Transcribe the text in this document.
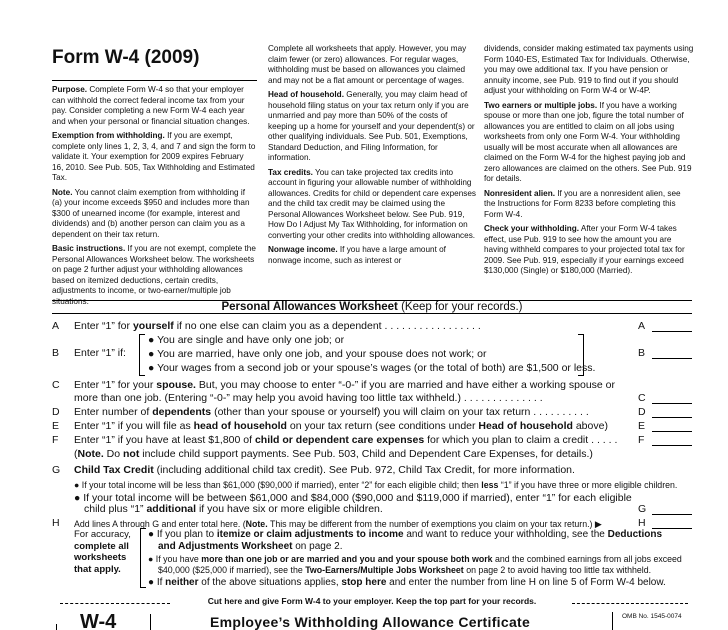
Form W-4 (2009)

Purpose. Complete Form W-4 so that your employer can withhold the correct federal income tax from your pay. Consider completing a new Form W-4 each year and when your personal or financial situation changes.

Exemption from withholding. If you are exempt, complete only lines 1, 2, 3, 4, and 7 and sign the form to validate it. Your exemption for 2009 expires February 16, 2010. See Pub. 505, Tax Withholding and Estimated Tax.

Note. You cannot claim exemption from withholding if (a) your income exceeds $950 and includes more than $300 of unearned income (for example, interest and dividends) and (b) another person can claim you as a dependent on their tax return.

Basic instructions. If you are not exempt, complete the Personal Allowances Worksheet below. The worksheets on page 2 further adjust your withholding allowances based on itemized deductions, certain credits, adjustments to income, or two-earner/multiple job situations.

Complete all worksheets that apply. However, you may claim fewer (or zero) allowances. For regular wages, withholding must be based on allowances you claimed and may not be a flat amount or percentage of wages.

Head of household. Generally, you may claim head of household filing status on your tax return only if you are unmarried and pay more than 50% of the costs of keeping up a home for yourself and your dependent(s) or other qualifying individuals. See Pub. 501, Exemptions, Standard Deduction, and Filing Information, for information.

Tax credits. You can take projected tax credits into account in figuring your allowable number of withholding allowances. Credits for child or dependent care expenses and the child tax credit may be claimed using the Personal Allowances Worksheet below. See Pub. 919, How Do I Adjust My Tax Withholding, for information on converting your other credits into withholding allowances.

Nonwage income. If you have a large amount of nonwage income, such as interest or

dividends, consider making estimated tax payments using Form 1040-ES, Estimated Tax for Individuals. Otherwise, you may owe additional tax. If you have pension or annuity income, see Pub. 919 to find out if you should adjust your withholding on Form W-4 or W-4P.

Two earners or multiple jobs. If you have a working spouse or more than one job, figure the total number of allowances you are entitled to claim on all jobs using worksheets from only one Form W-4. Your withholding usually will be most accurate when all allowances are claimed on the Form W-4 for the highest paying job and zero allowances are claimed on the others. See Pub. 919 for details.

Nonresident alien. If you are a nonresident alien, see the Instructions for Form 8233 before completing this Form W-4.

Check your withholding. After your Form W-4 takes effect, use Pub. 919 to see how the amount you are having withheld compares to your projected total tax for 2009. See Pub. 919, especially if your earnings exceed $130,000 (Single) or $180,000 (Married).

Personal Allowances Worksheet (Keep for your records.)
A	Enter “1” for yourself if no one else can claim you as a dependent . . . . . . . . . . . . . . . . .	A
B	Enter “1” if:	B
● You are single and have only one job; or
● You are married, have only one job, and your spouse does not work; or
● Your wages from a second job or your spouse’s wages (or the total of both) are $1,500 or less.
C	Enter “1” for your spouse. But, you may choose to enter “-0-” if you are married and have either a working spouse or
more than one job. (Entering “-0-” may help you avoid having too little tax withheld.) . . . . . . . . . . . . . .	C
D	Enter number of dependents (other than your spouse or yourself) you will claim on your tax return . . . . . . . . . .	D
E	Enter “1” if you will file as head of household on your tax return (see conditions under Head of household above)	E
F	Enter “1” if you have at least $1,800 of child or dependent care expenses for which you plan to claim a credit . . . . . F
(Note. Do not include child support payments. See Pub. 503, Child and Dependent Care Expenses, for details.)
G	Child Tax Credit (including additional child tax credit). See Pub. 972, Child Tax Credit, for more information.
● If your total income will be less than $61,000 ($90,000 if married), enter “2” for each eligible child; then less “1” if you have three or more eligible children.
● If your total income will be between $61,000 and $84,000 ($90,000 and $119,000 if married), enter “1” for each eligible
child plus “1” additional if you have six or more eligible children.	G
H	Add lines A through G and enter total here. (Note. This may be different from the number of exemptions you claim on your tax return.) ▶	H
For accuracy,
complete all
worksheets
that apply.
● If you plan to itemize or claim adjustments to income and want to reduce your withholding, see the Deductions
and Adjustments Worksheet on page 2.
● If you have more than one job or are married and you and your spouse both work and the combined earnings from all jobs exceed
$40,000 ($25,000 if married), see the Two-Earners/Multiple Jobs Worksheet on page 2 to avoid having too little tax withheld.
● If neither of the above situations applies, stop here and enter the number from line H on line 5 of Form W-4 below.
Cut here and give Form W-4 to your employer. Keep the top part for your records.
W-4	Employee’s Withholding Allowance Certificate	OMB No. 1545-0074
